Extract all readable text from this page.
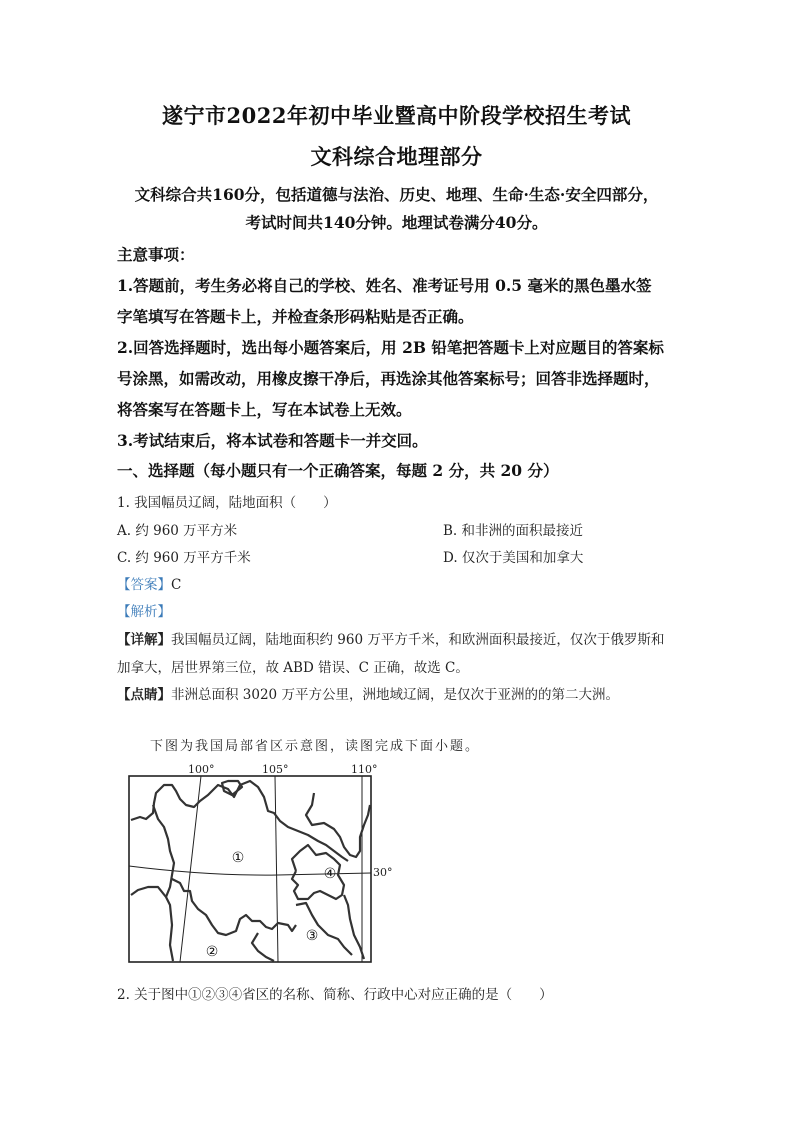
遂宁市2022年初中毕业暨高中阶段学校招生考试
文科综合地理部分
文科综合共160分，包括道德与法治、历史、地理、生命·生态·安全四部分，
考试时间共140分钟。地理试卷满分40分。
主意事项：
1.答题前，考生务必将自己的学校、姓名、准考证号用 0.5 毫米的黑色墨水签
字笔填写在答题卡上，并检查条形码粘贴是否正确。
2.回答选择题时，选出每小题答案后，用 2B 铅笔把答题卡上对应题目的答案标
号涂黑，如需改动，用橡皮擦干净后，再选涂其他答案标号；回答非选择题时，
将答案写在答题卡上，写在本试卷上无效。
3.考试结束后，将本试卷和答题卡一并交回。
一、选择题（每小题只有一个正确答案，每题 2 分，共 20 分）
1. 我国幅员辽阔，陆地面积（　　）
A. 约 960 万平方米	B. 和非洲的面积最接近
C. 约 960 万平方千米	D. 仅次于美国和加拿大
【答案】C
【解析】
【详解】我国幅员辽阔，陆地面积约 960 万平方千米，和欧洲面积最接近，仅次于俄罗斯和
加拿大，居世界第三位，故 ABD 错误、C 正确，故选 C。
【点睛】非洲总面积 3020 万平方公里，洲地域辽阔，是仅次于亚洲的的第二大洲。
下图为我国局部省区示意图，读图完成下面小题。
100°	105°	110°
30°
①
②
③
④
2. 关于图中①②③④省区的名称、简称、行政中心对应正确的是（　　）
